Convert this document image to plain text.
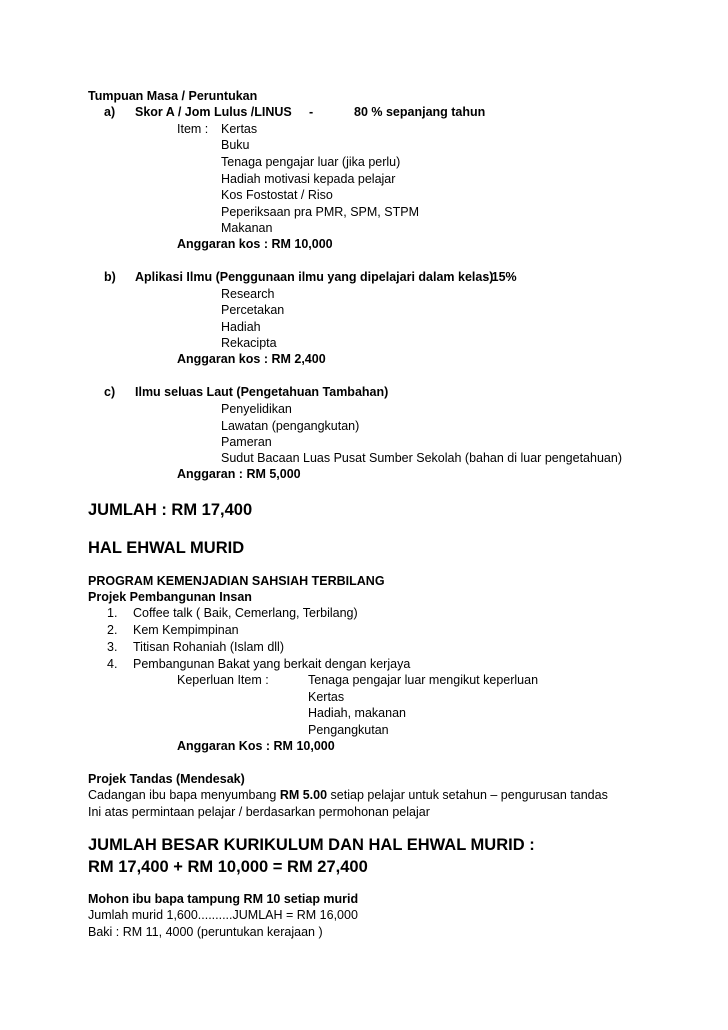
Tumpuan Masa / Peruntukan
a) Skor A / Jom Lulus /LINUS -	80 % sepanjang tahun
Item : Kertas
Buku
Tenaga pengajar luar (jika perlu)
Hadiah motivasi kepada pelajar
Kos Fostostat / Riso
Peperiksaan pra PMR, SPM, STPM
Makanan
Anggaran kos : RM 10,000
b) Aplikasi Ilmu (Penggunaan ilmu yang dipelajari dalam kelas)
- 15%
Research
Percetakan
Hadiah
Rekacipta
Anggaran kos : RM 2,400
c) Ilmu seluas Laut (Pengetahuan Tambahan)
Penyelidikan
Lawatan (pengangkutan)
Pameran
Sudut Bacaan Luas Pusat Sumber Sekolah (bahan di luar pengetahuan)
Anggaran : RM 5,000
JUMLAH : RM 17,400
HAL EHWAL MURID
PROGRAM KEMENJADIAN SAHSIAH TERBILANG
Projek Pembangunan Insan
1. Coffee talk ( Baik, Cemerlang, Terbilang)
2. Kem Kempimpinan
3. Titisan Rohaniah (Islam dll)
4. Pembangunan Bakat yang berkait dengan kerjaya
Keperluan Item :	Tenaga pengajar luar mengikut keperluan
Kertas
Hadiah, makanan
Pengangkutan
Anggaran Kos : RM 10,000
Projek Tandas (Mendesak)
Cadangan ibu bapa menyumbang RM 5.00 setiap pelajar untuk setahun – pengurusan tandas
Ini atas permintaan pelajar / berdasarkan permohonan pelajar
JUMLAH BESAR KURIKULUM DAN HAL EHWAL MURID :
RM 17,400 + RM 10,000 = RM 27,400
Mohon ibu bapa tampung RM 10 setiap murid
Jumlah murid 1,600..........JUMLAH = RM 16,000
Baki : RM 11, 4000 (peruntukan kerajaan )
